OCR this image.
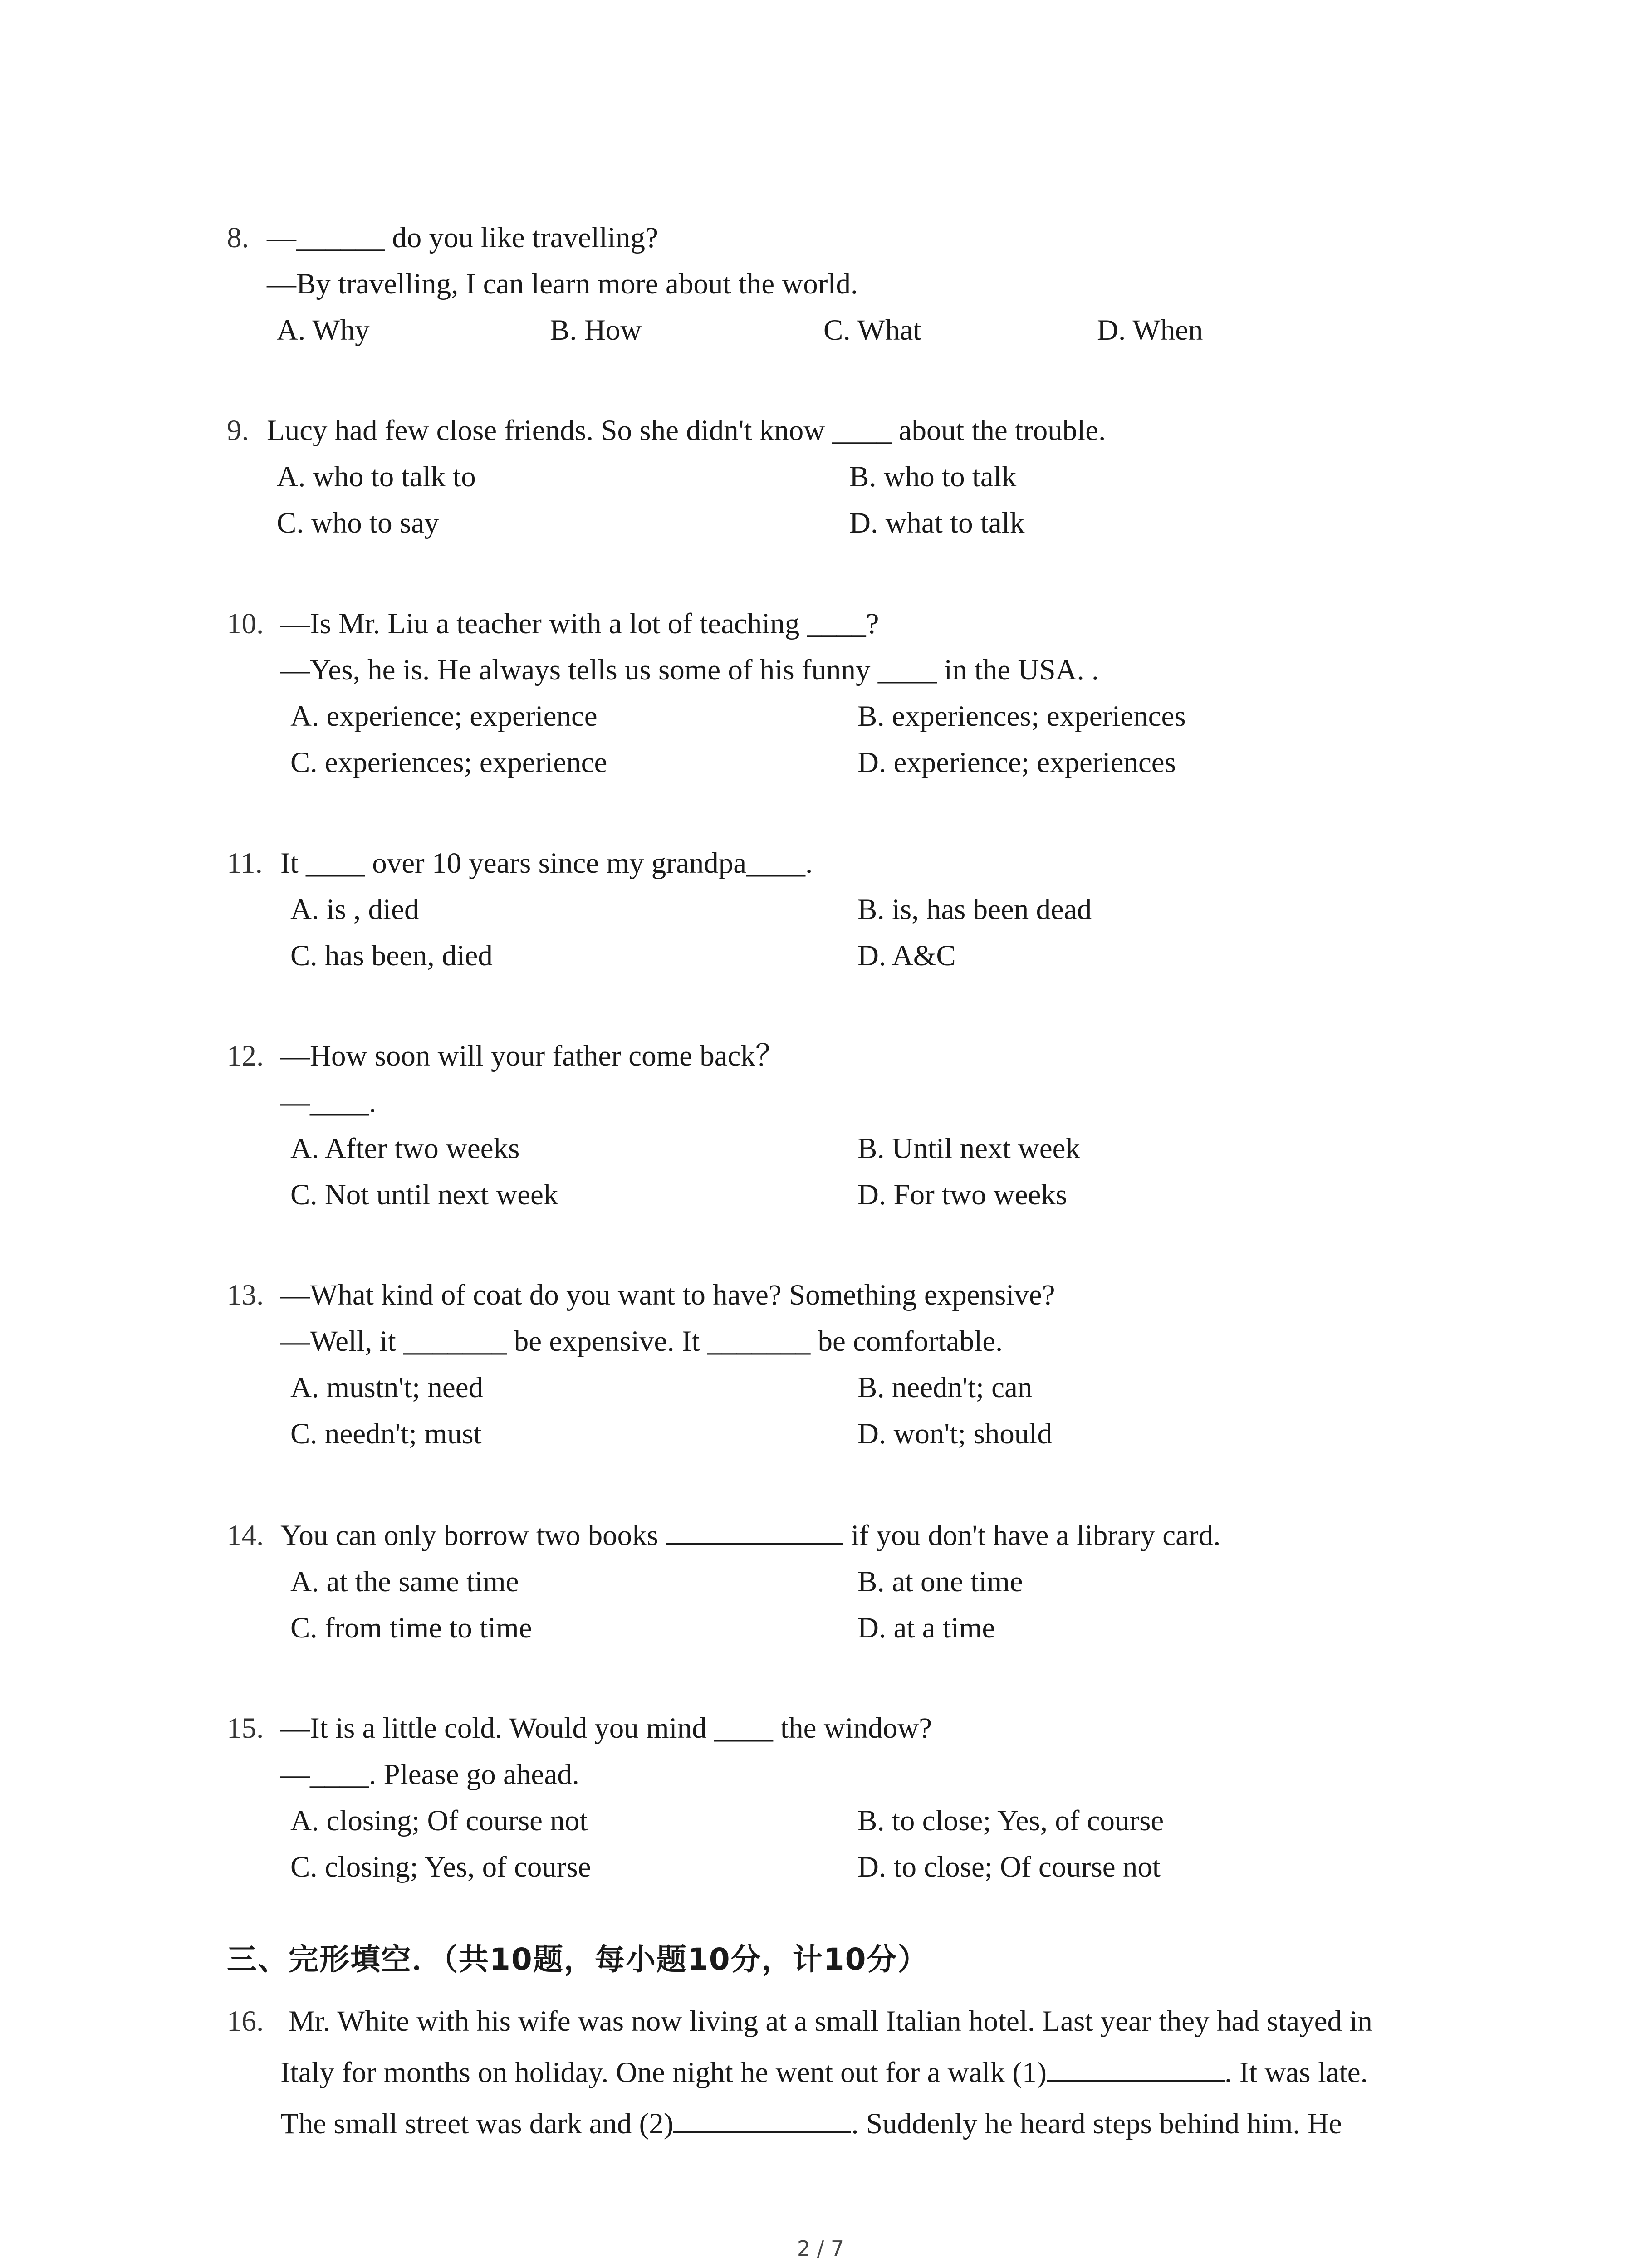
8. —______ do you like travelling?
—By travelling, I can learn more about the world.
A. Why	B. How	C. What	D. When
9. Lucy had few close friends. So she didn't know ____ about the trouble.
A. who to talk to	B. who to talk
C. who to say	D. what to talk
10. —Is Mr. Liu a teacher with a lot of teaching ____?
—Yes, he is. He always tells us some of his funny ____ in the USA. .
A. experience; experience	B. experiences; experiences
C. experiences; experience	D. experience; experiences
11. It ____ over 10 years since my grandpa____.
A. is , died	B. is, has been dead
C. has been, died	D. A&C
12. —How soon will your father come back？
—____.
A. After two weeks	B. Until next week
C. Not until next week	D. For two weeks
13. —What kind of coat do you want to have? Something expensive?
—Well, it _______ be expensive. It _______ be comfortable.
A. mustn't; need	B. needn't; can
C. needn't; must	D. won't; should
14. You can only borrow two books	if you don't have a library card.
A. at the same time	B. at one time
C. from time to time	D. at a time
15. —It is a little cold. Would you mind ____ the window?
—____. Please go ahead.
A. closing; Of course not	B. to close; Yes, of course
C. closing; Yes, of course	D. to close; Of course not
三、完形填空．（共10题，每小题10分，计10分）
16. Mr. White with his wife was now living at a small Italian hotel. Last year they had stayed in
Italy for months on holiday. One night he went out for a walk (1)	. It was late.
The small street was dark and (2)	. Suddenly he heard steps behind him. He
2 / 7
